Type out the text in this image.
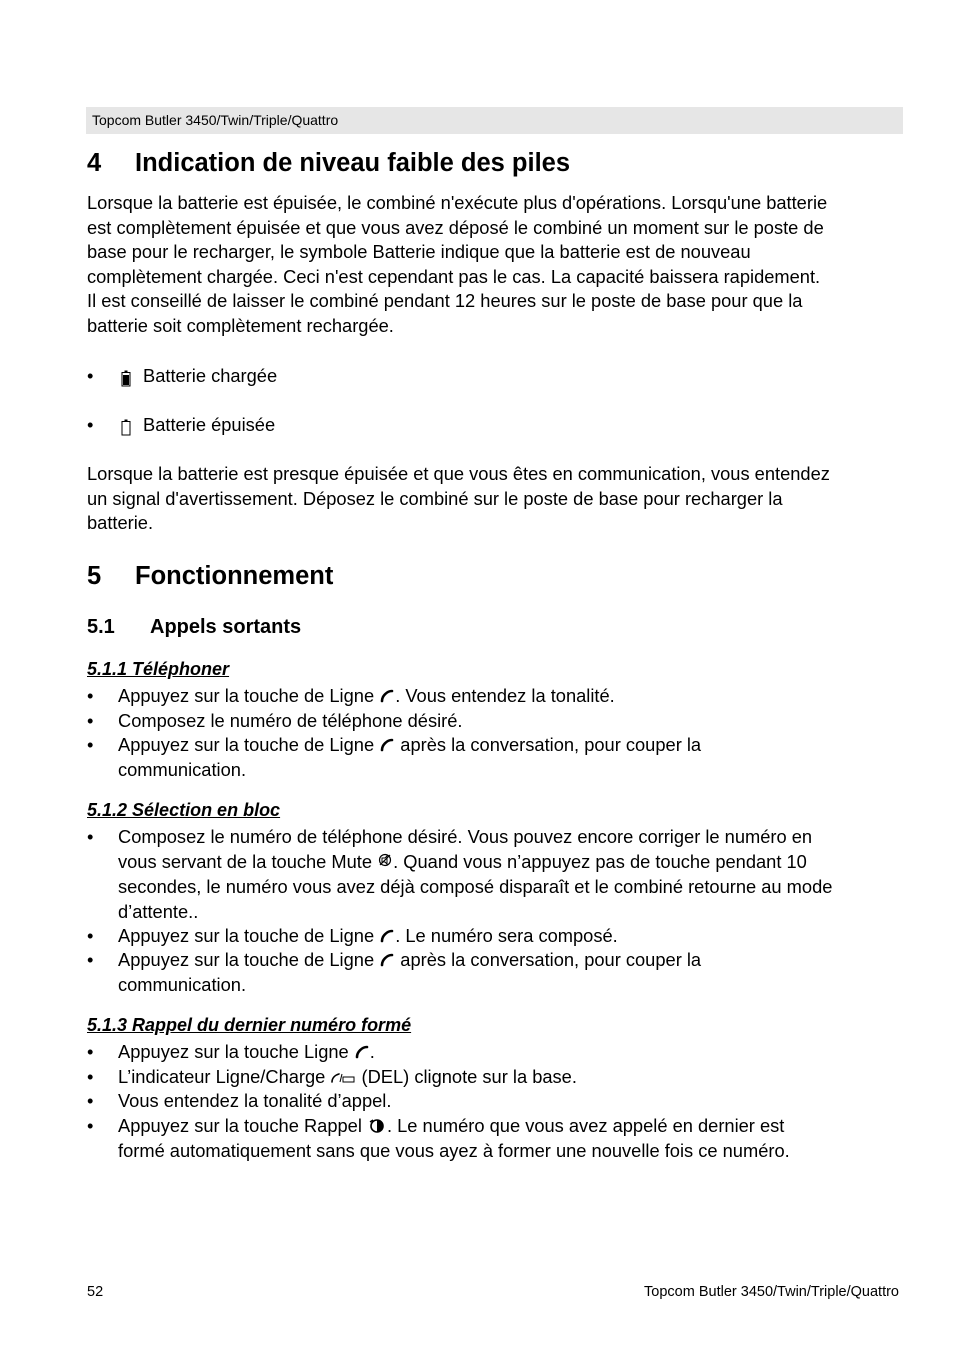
Topcom Butler 3450/Twin/Triple/Quattro
4 Indication de niveau faible des piles
Lorsque la batterie est épuisée, le combiné n'exécute plus d'opérations. Lorsqu'une batterie
est complètement épuisée et que vous avez déposé le combiné un moment sur le poste de
base pour le recharger, le symbole Batterie indique que la batterie est de nouveau
complètement chargée. Ceci n'est cependant pas le cas. La capacité baissera rapidement.
Il est conseillé de laisser le combiné pendant 12 heures sur le poste de base pour que la
batterie soit complètement rechargée.
•	Batterie chargée
•	Batterie épuisée
Lorsque la batterie est presque épuisée et que vous êtes en communication, vous entendez
un signal d'avertissement. Déposez le combiné sur le poste de base pour recharger la
batterie.
5 Fonctionnement
5.1 Appels sortants
5.1.1 Téléphoner
• Appuyez sur la touche de Ligne . Vous entendez la tonalité.
• Composez le numéro de téléphone désiré.
• Appuyez sur la touche de Ligne  après la conversation, pour couper la
communication.
5.1.2 Sélection en bloc
• Composez le numéro de téléphone désiré. Vous pouvez encore corriger le numéro en
vous servant de la touche Mute . Quand vous n’appuyez pas de touche pendant 10
secondes, le numéro vous avez déjà composé disparaît et le combiné retourne au mode
d’attente..
• Appuyez sur la touche de Ligne . Le numéro sera composé.
• Appuyez sur la touche de Ligne  après la conversation, pour couper la
communication.
5.1.3 Rappel du dernier numéro formé
• Appuyez sur la touche Ligne .
• L’indicateur Ligne/Charge  (DEL) clignote sur la base.
• Vous entendez la tonalité d’appel.
• Appuyez sur la touche Rappel . Le numéro que vous avez appelé en dernier est
formé automatiquement sans que vous ayez à former une nouvelle fois ce numéro.
52	Topcom Butler 3450/Twin/Triple/Quattro
